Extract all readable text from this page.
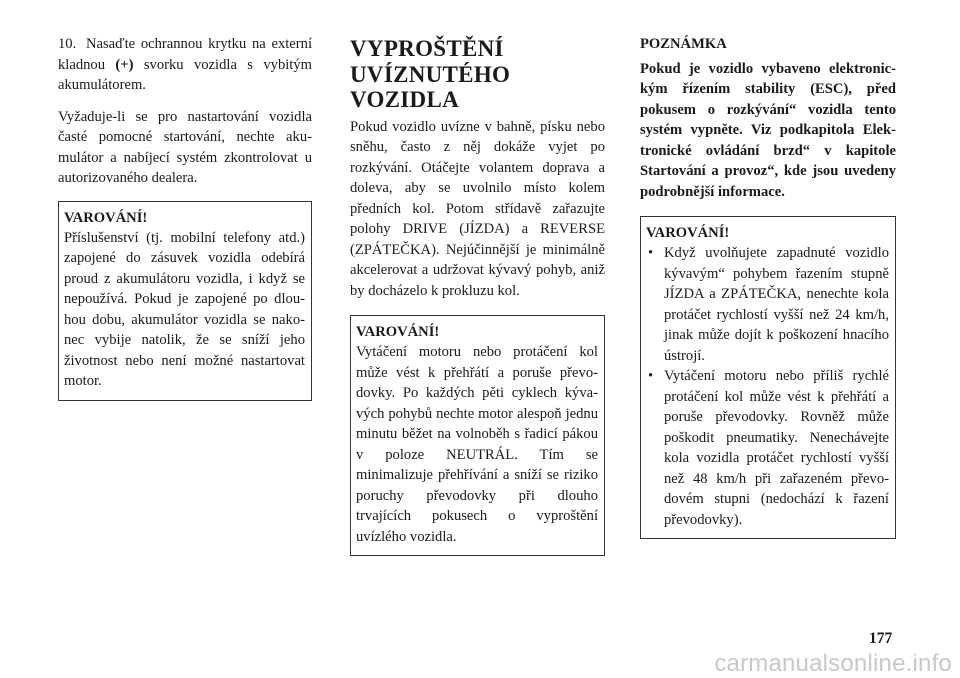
10. Nasaďte ochrannou krytku na externí kladnou (+) svorku vozidla s vybitým akumulátorem.

Vyžaduje-li se pro nastartování vozidla časté pomocné startování, nechte akumulátor a nabíjecí systém zkontrolovat u autorizovaného dealera.

VAROVÁNÍ!

Příslušenství (tj. mobilní telefony atd.) zapojené do zásuvek vozidla odebírá proud z akumulátoru vozidla, i když se nepoužívá. Pokud je zapojené po dlouhou dobu, akumulátor vozidla se nakonec vybije natolik, že se sníží jeho životnost nebo není možné nastartovat motor.

VYPROŠTĚNÍ UVÍZNUTÉHO VOZIDLA

Pokud vozidlo uvízne v bahně, písku nebo sněhu, často z něj dokáže vyjet po rozkývání. Otáčejte volantem doprava a doleva, aby se uvolnilo místo kolem předních kol. Potom střídavě zařazujte polohy DRIVE (JÍZDA) a REVERSE (ZPÁTEČKA). Nejúčinnější je minimálně akcelerovat a udržovat kývavý pohyb, aniž by docházelo k prokluzu kol.

VAROVÁNÍ!

Vytáčení motoru nebo protáčení kol může vést k přehřátí a poruše převodovky. Po každých pěti cyklech kývavých pohybů nechte motor alespoň jednu minutu běžet na volnoběh s řadicí pákou v poloze NEUTRÁL. Tím se minimalizuje přehřívání a sníží se riziko poruchy převodovky při dlouho trvajících pokusech o vyproštění uvízlého vozidla.

POZNÁMKA

Pokud je vozidlo vybaveno elektronickým řízením stability (ESC), před pokusem o rozkývání“ vozidla tento systém vypněte. Viz podkapitola Elektronické ovládání brzd“ v kapitole Startování a provoz“, kde jsou uvedeny podrobnější informace.

VAROVÁNÍ!

• Když uvolňujete zapadnuté vozidlo kývavým“ pohybem řazením stupně JÍZDA a ZPÁTEČKA, nenechte kola protáčet rychlostí vyšší než 24 km/h, jinak může dojít k poškození hnacího ústrojí.
• Vytáčení motoru nebo příliš rychlé protáčení kol může vést k přehřátí a poruše převodovky. Rovněž může poškodit pneumatiky. Nenechávejte kola vozidla protáčet rychlostí vyšší než 48 km/h při zařazeném převodovém stupni (nedochází k řazení převodovky).
177
carmanualsonline.info
